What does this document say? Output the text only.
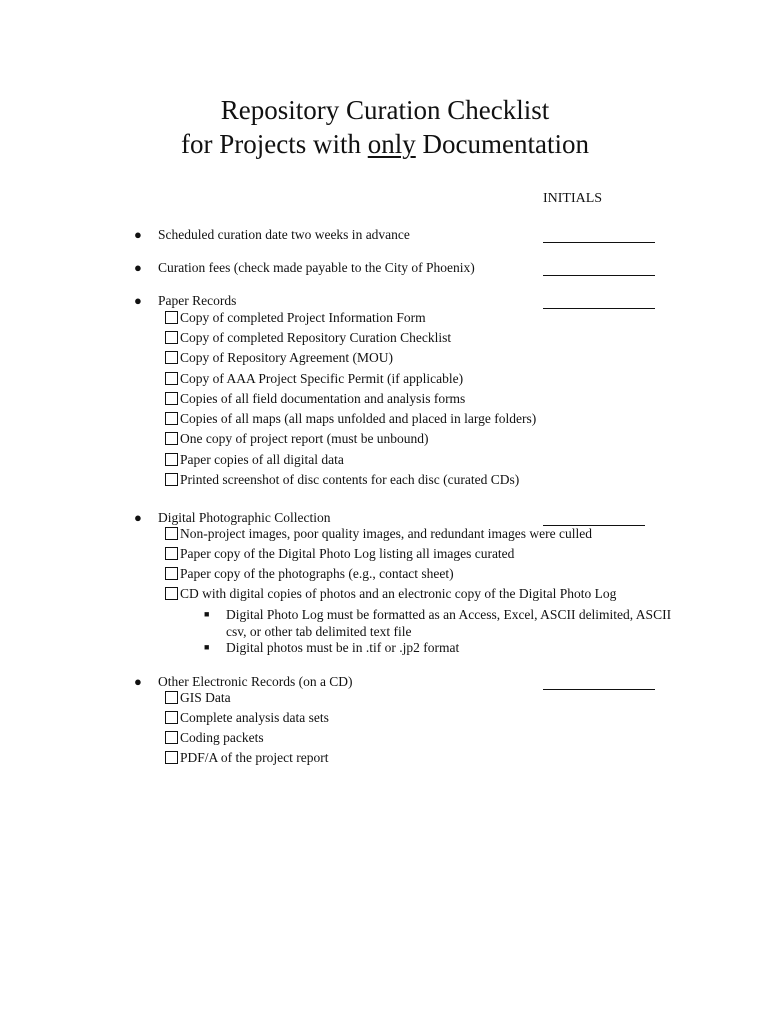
Repository Curation Checklist
for Projects with only Documentation
INITIALS
● Scheduled curation date two weeks in advance
● Curation fees (check made payable to the City of Phoenix)
● Paper Records
Copy of completed Project Information Form
Copy of completed Repository Curation Checklist
Copy of Repository Agreement (MOU)
Copy of AAA Project Specific Permit (if applicable)
Copies of all field documentation and analysis forms
Copies of all maps (all maps unfolded and placed in large folders)
One copy of project report (must be unbound)
Paper copies of all digital data
Printed screenshot of disc contents for each disc (curated CDs)
● Digital Photographic Collection
Non-project images, poor quality images, and redundant images were culled
Paper copy of the Digital Photo Log listing all images curated
Paper copy of the photographs (e.g., contact sheet)
CD with digital copies of photos and an electronic copy of the Digital Photo Log
■ Digital Photo Log must be formatted as an Access, Excel, ASCII delimited, ASCII csv, or other tab delimited text file
■ Digital photos must be in .tif or .jp2 format
● Other Electronic Records (on a CD)
GIS Data
Complete analysis data sets
Coding packets
PDF/A of the project report
